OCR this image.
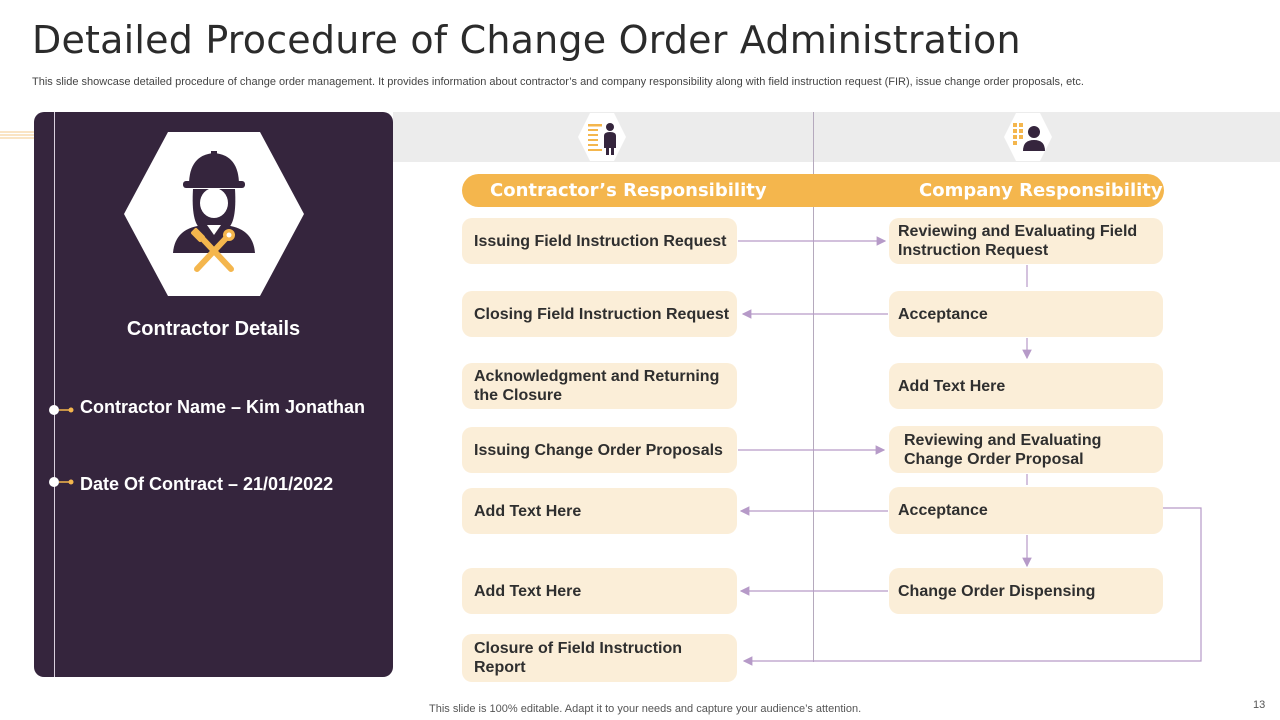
Detailed Procedure of Change Order Administration
This slide showcase detailed procedure of change order management. It provides information about contractor’s and company responsibility along with field instruction request (FIR), issue change order proposals, etc.
Contractor Details
Contractor Name – Kim Jonathan
Date Of Contract – 21/01/2022
Contractor’s Responsibility	Company Responsibility
Issuing Field Instruction Request
Closing Field Instruction Request
Acknowledgment and Returning the Closure
Issuing Change Order Proposals
Add Text Here
Add Text Here
Closure of Field Instruction Report
Reviewing and Evaluating Field Instruction Request
Acceptance
Add Text Here
Reviewing and Evaluating Change Order Proposal
Acceptance
Change Order Dispensing
This slide is 100% editable. Adapt it to your needs and capture your audience’s attention.	13
